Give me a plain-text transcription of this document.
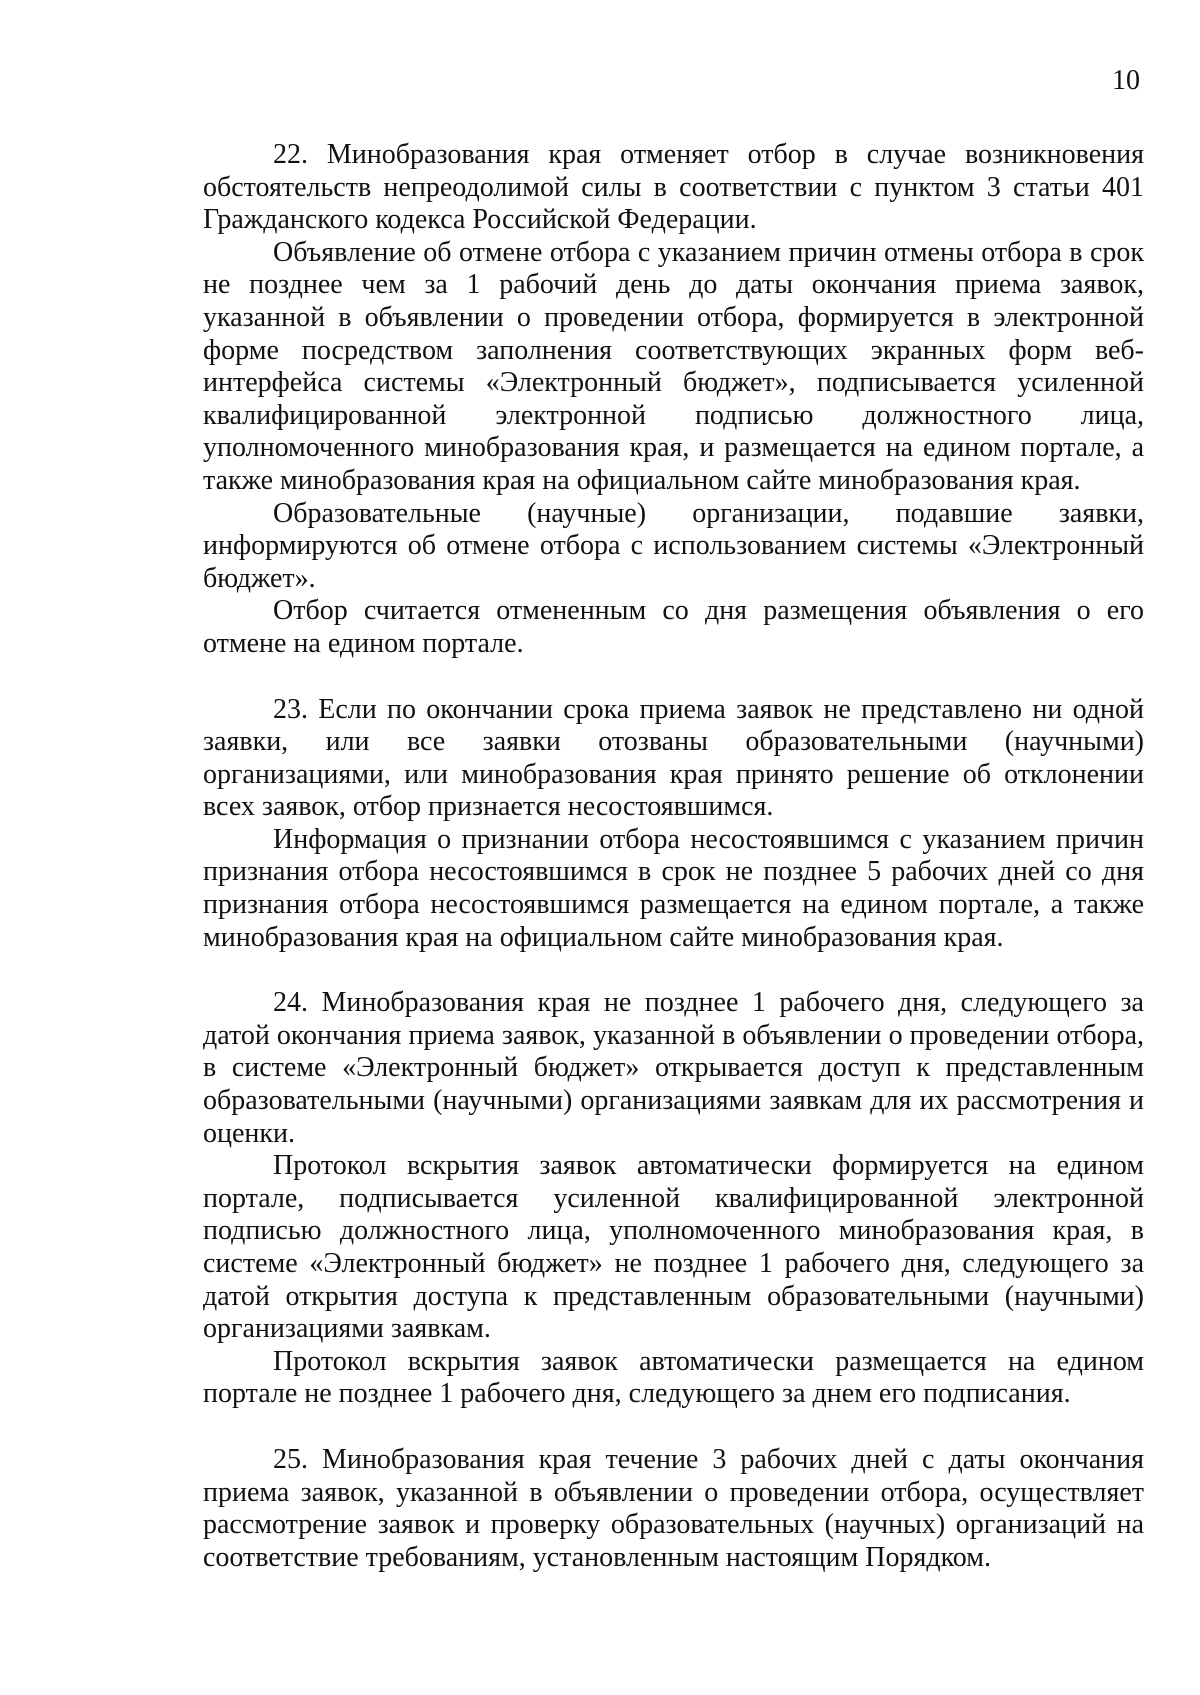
10

22. Минобразования края отменяет отбор в случае возникновения обстоятельств непреодолимой силы в соответствии с пунктом 3 статьи 401 Гражданского кодекса Российской Федерации.

Объявление об отмене отбора с указанием причин отмены отбора в срок не позднее чем за 1 рабочий день до даты окончания приема заявок, указанной в объявлении о проведении отбора, формируется в электронной форме посредством заполнения соответствующих экранных форм веб-интерфейса системы «Электронный бюджет», подписывается усиленной квалифицированной электронной подписью должностного лица, уполномоченного минобразования края, и размещается на едином портале, а также минобразования края на официальном сайте минобразования края.

Образовательные (научные) организации, подавшие заявки, информируются об отмене отбора с использованием системы «Электронный бюджет».

Отбор считается отмененным со дня размещения объявления о его отмене на едином портале.

23. Если по окончании срока приема заявок не представлено ни одной заявки, или все заявки отозваны образовательными (научными) организациями, или минобразования края принято решение об отклонении всех заявок, отбор признается несостоявшимся.

Информация о признании отбора несостоявшимся с указанием причин признания отбора несостоявшимся в срок не позднее 5 рабочих дней со дня признания отбора несостоявшимся размещается на едином портале, а также минобразования края на официальном сайте минобразования края.

24. Минобразования края не позднее 1 рабочего дня, следующего за датой окончания приема заявок, указанной в объявлении о проведении отбора, в системе «Электронный бюджет» открывается доступ к представленным образовательными (научными) организациями заявкам для их рассмотрения и оценки.

Протокол вскрытия заявок автоматически формируется на едином портале, подписывается усиленной квалифицированной электронной подписью должностного лица, уполномоченного минобразования края, в системе «Электронный бюджет» не позднее 1 рабочего дня, следующего за датой открытия доступа к представленным образовательными (научными) организациями заявкам.

Протокол вскрытия заявок автоматически размещается на едином портале не позднее 1 рабочего дня, следующего за днем его подписания.

25. Минобразования края течение 3 рабочих дней с даты окончания приема заявок, указанной в объявлении о проведении отбора, осуществляет рассмотрение заявок и проверку образовательных (научных) организаций на соответствие требованиям, установленным настоящим Порядком.
